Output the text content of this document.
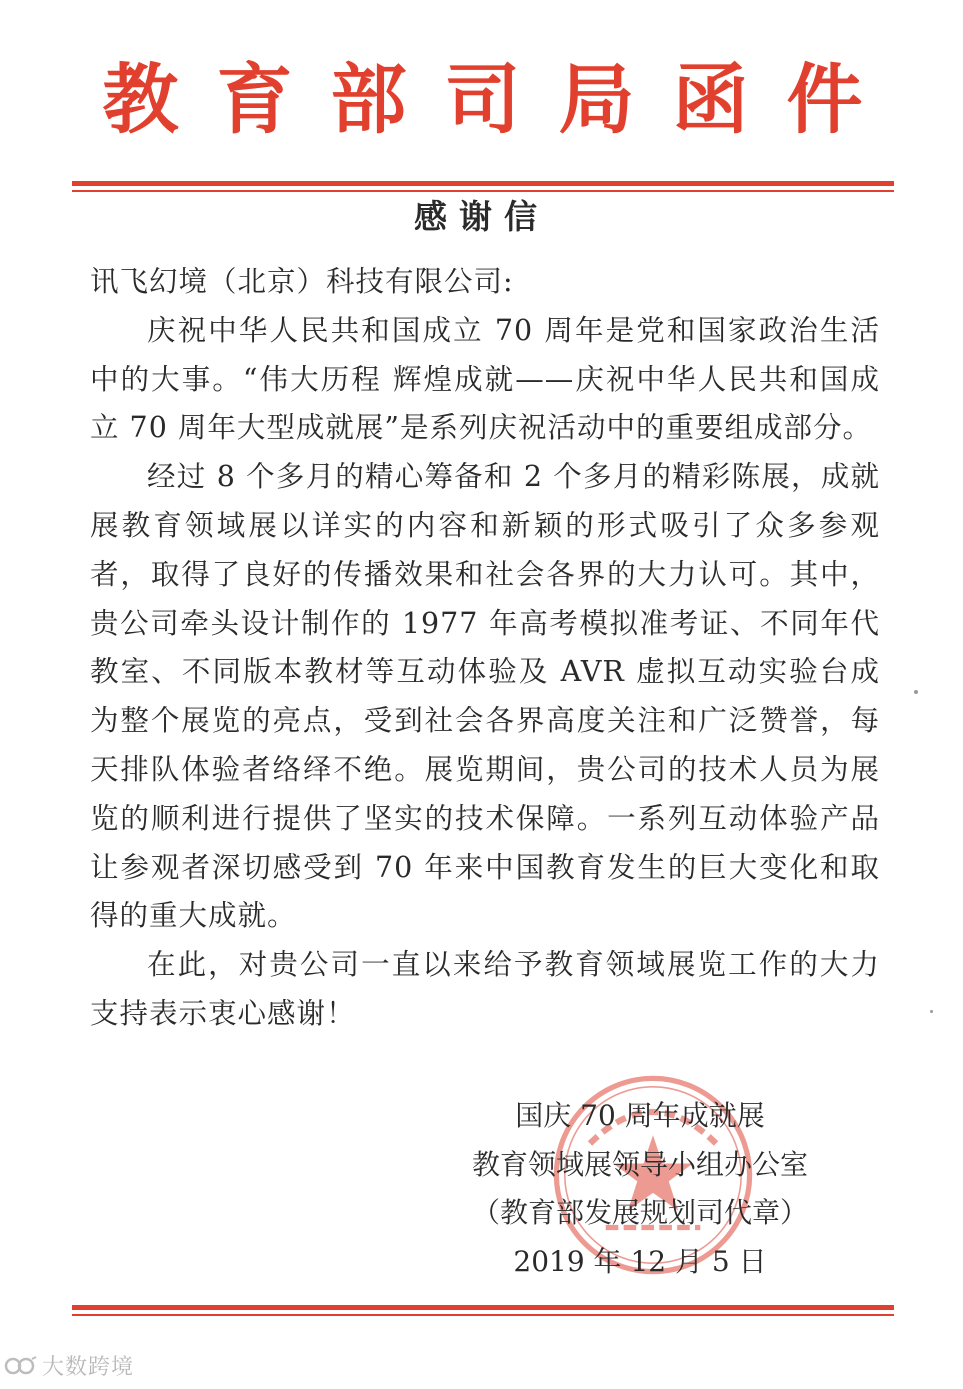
教育部司局函件
感谢信

讯飞幻境（北京）科技有限公司:

庆祝中华人民共和国成立 70 周年是党和国家政治生活中的大事。“伟大历程 辉煌成就——庆祝中华人民共和国成立 70 周年大型成就展”是系列庆祝活动中的重要组成部分。

经过 8 个多月的精心筹备和 2 个多月的精彩陈展，成就展教育领域展以详实的内容和新颖的形式吸引了众多参观者，取得了良好的传播效果和社会各界的大力认可。其中，贵公司牵头设计制作的 1977 年高考模拟准考证、不同年代教室、不同版本教材等互动体验及 AVR 虚拟互动实验台成为整个展览的亮点，受到社会各界高度关注和广泛赞誉，每天排队体验者络绎不绝。展览期间，贵公司的技术人员为展览的顺利进行提供了坚实的技术保障。一系列互动体验产品让参观者深切感受到 70 年来中国教育发生的巨大变化和取得的重大成就。

在此，对贵公司一直以来给予教育领域展览工作的大力支持表示衷心感谢！

国庆 70 周年成就展
教育领域展领导小组办公室
（教育部发展规划司代章）
2019 年 12 月 5 日
大数跨境
